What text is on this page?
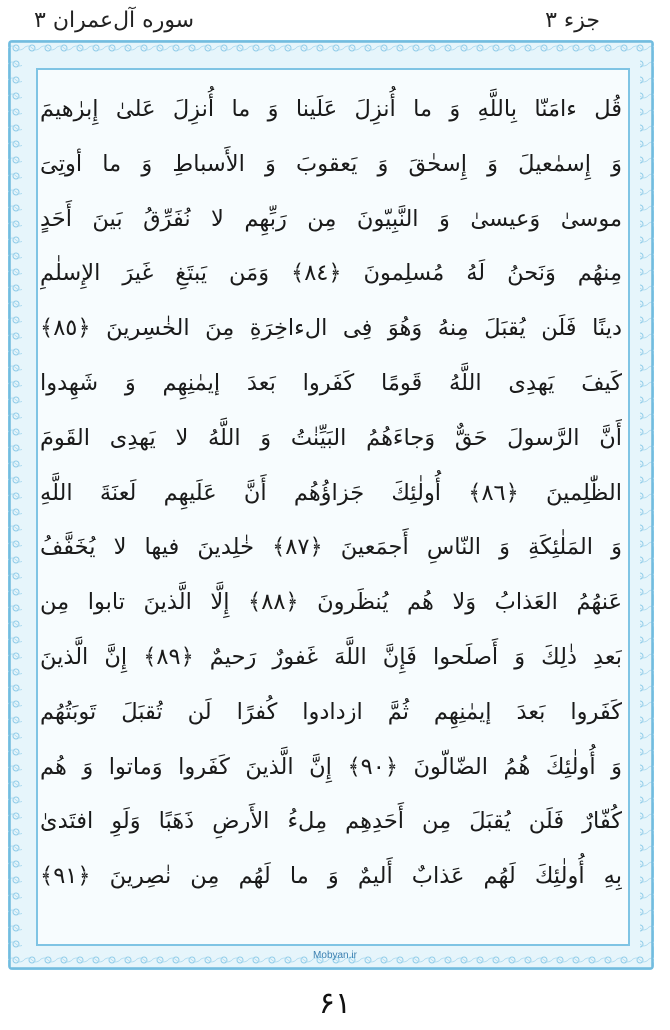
سوره آل‌عمران ۳	جزء ۳
قُل ءامَنّا بِاللَّهِ وَ ما أُنزِلَ عَلَينا وَ ما أُنزِلَ عَلىٰ إِبرٰهيمَ
وَ إِسمٰعيلَ وَ إِسحٰقَ وَ يَعقوبَ وَ الأَسباطِ وَ ما أوتِىَ
موسىٰ وَعيسىٰ وَ النَّبِيّونَ مِن رَبِّهِم لا نُفَرِّقُ بَينَ أَحَدٍ
مِنهُم وَنَحنُ لَهُ مُسلِمونَ ﴿٨٤﴾ وَمَن يَبتَغِ غَيرَ الإِسلٰمِ
دينًا فَلَن يُقبَلَ مِنهُ وَهُوَ فِى الءاخِرَةِ مِنَ الخٰسِرينَ ﴿٨٥﴾
كَيفَ يَهدِى اللَّهُ قَومًا كَفَروا بَعدَ إيمٰنِهِم وَ شَهِدوا
أَنَّ الرَّسولَ حَقٌّ وَجاءَهُمُ البَيِّنٰتُ وَ اللَّهُ لا يَهدِى القَومَ
الظّٰلِمينَ ﴿٨٦﴾ أُولٰئِكَ جَزاؤُهُم أَنَّ عَلَيهِم لَعنَةَ اللَّهِ
وَ المَلٰئِكَةِ وَ النّاسِ أَجمَعينَ ﴿٨٧﴾ خٰلِدينَ فيها لا يُخَفَّفُ
عَنهُمُ العَذابُ وَلا هُم يُنظَرونَ ﴿٨٨﴾ إِلَّا الَّذينَ تابوا مِن
بَعدِ ذٰلِكَ وَ أَصلَحوا فَإِنَّ اللَّهَ غَفورٌ رَحيمٌ ﴿٨٩﴾ إِنَّ الَّذينَ
كَفَروا بَعدَ إيمٰنِهِم ثُمَّ ازدادوا كُفرًا لَن تُقبَلَ تَوبَتُهُم
وَ أُولٰئِكَ هُمُ الضّالّونَ ﴿٩٠﴾ إِنَّ الَّذينَ كَفَروا وَماتوا وَ هُم
كُفّارٌ فَلَن يُقبَلَ مِن أَحَدِهِم مِلءُ الأَرضِ ذَهَبًا وَلَوِ افتَدىٰ
بِهِ أُولٰئِكَ لَهُم عَذابٌ أَليمٌ وَ ما لَهُم مِن نٰصِرينَ ﴿٩١﴾
Mobyan.ir
۶۱
